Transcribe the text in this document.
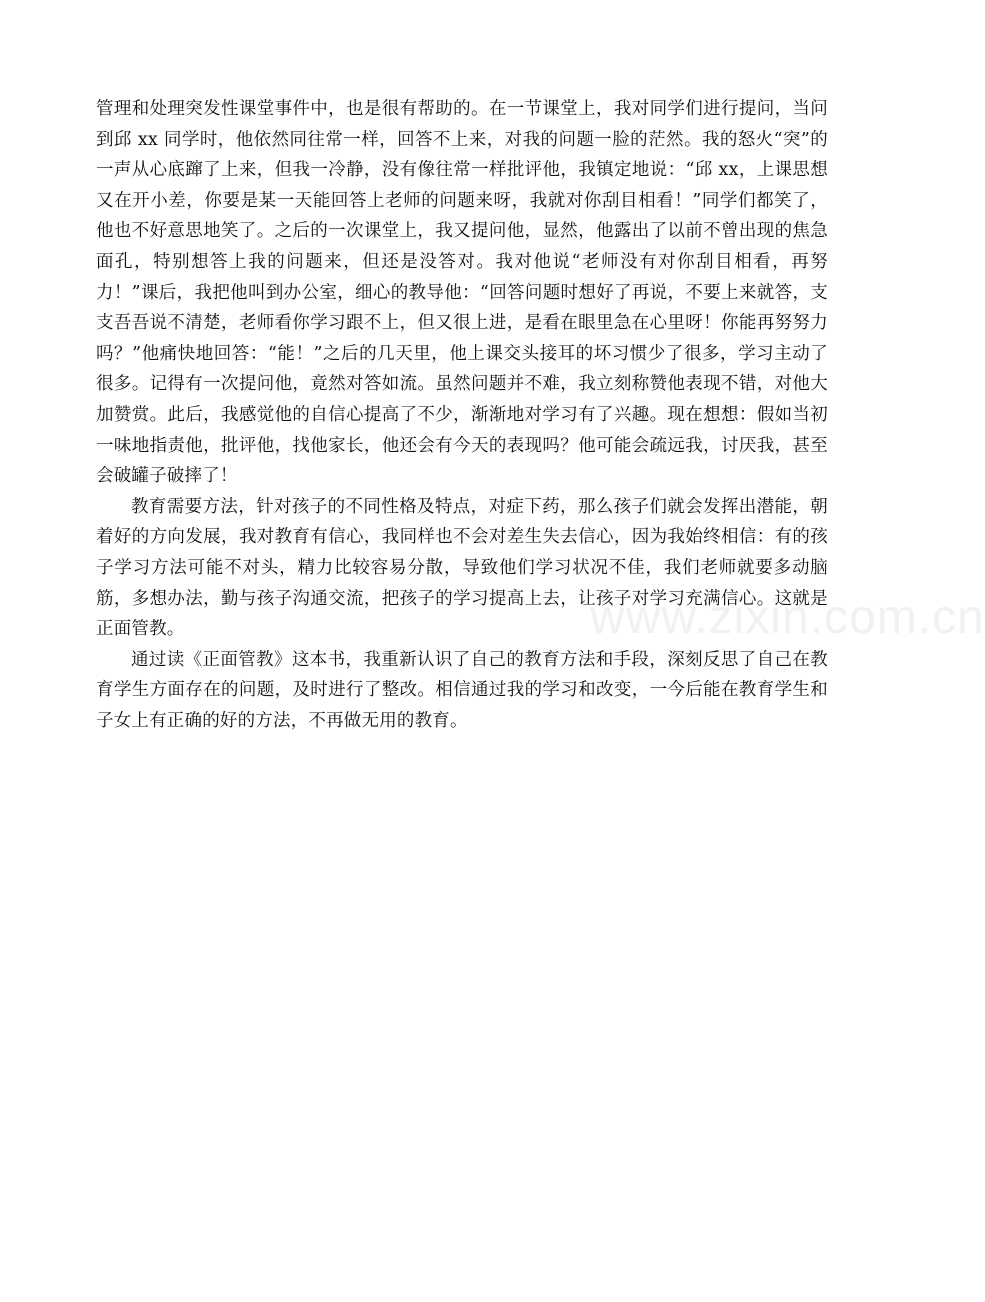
管理和处理突发性课堂事件中，也是很有帮助的。在一节课堂上，我对同学们进行提问，当问到邱 xx 同学时，他依然同往常一样，回答不上来，对我的问题一脸的茫然。我的怒火“突”的一声从心底蹿了上来，但我一冷静，没有像往常一样批评他，我镇定地说：“邱 xx，上课思想又在开小差，你要是某一天能回答上老师的问题来呀，我就对你刮目相看！”同学们都笑了，他也不好意思地笑了。之后的一次课堂上，我又提问他，显然，他露出了以前不曾出现的焦急面孔，特别想答上我的问题来，但还是没答对。我对他说“老师没有对你刮目相看，再努力！”课后，我把他叫到办公室，细心的教导他：“回答问题时想好了再说，不要上来就答，支支吾吾说不清楚，老师看你学习跟不上，但又很上进，是看在眼里急在心里呀！你能再努努力吗？”他痛快地回答：“能！”之后的几天里，他上课交头接耳的坏习惯少了很多，学习主动了很多。记得有一次提问他，竟然对答如流。虽然问题并不难，我立刻称赞他表现不错，对他大加赞赏。此后，我感觉他的自信心提高了不少，渐渐地对学习有了兴趣。现在想想：假如当初一味地指责他，批评他，找他家长，他还会有今天的表现吗？他可能会疏远我，讨厌我，甚至会破罐子破摔了！

教育需要方法，针对孩子的不同性格及特点，对症下药，那么孩子们就会发挥出潜能，朝着好的方向发展，我对教育有信心，我同样也不会对差生失去信心，因为我始终相信：有的孩子学习方法可能不对头，精力比较容易分散，导致他们学习状况不佳，我们老师就要多动脑筋，多想办法，勤与孩子沟通交流，把孩子的学习提高上去，让孩子对学习充满信心。这就是正面管教。

通过读《正面管教》这本书，我重新认识了自己的教育方法和手段，深刻反思了自己在教育学生方面存在的问题，及时进行了整改。相信通过我的学习和改变，一今后能在教育学生和子女上有正确的好的方法，不再做无用的教育。

www.zixin.com.cn
